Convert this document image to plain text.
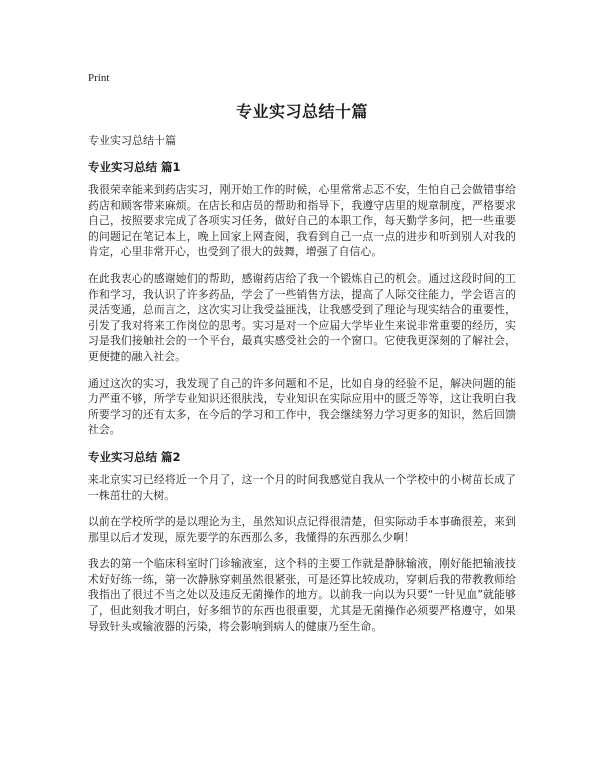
Print
专业实习总结十篇

专业实习总结十篇

专业实习总结 篇1

我很荣幸能来到药店实习，刚开始工作的时候，心里常常忐忑不安，生怕自己会做错事给药店和顾客带来麻烦。在店长和店员的帮助和指导下，我遵守店里的规章制度，严格要求自己，按照要求完成了各项实习任务，做好自己的本职工作，每天勤学多问，把一些重要的问题记在笔记本上，晚上回家上网查阅，我看到自己一点一点的进步和听到别人对我的肯定，心里非常开心，也受到了很大的鼓舞，增强了自信心。

在此我衷心的感谢她们的帮助，感谢药店给了我一个锻炼自己的机会。通过这段时间的工作和学习，我认识了许多药品，学会了一些销售方法，提高了人际交往能力，学会语言的灵活变通，总而言之，这次实习让我受益匪浅，让我感受到了理论与现实结合的重要性，引发了我对将来工作岗位的思考。实习是对一个应届大学毕业生来说非常重要的经历，实习是我们接触社会的一个平台，最真实感受社会的一个窗口。它使我更深刻的了解社会，更便捷的融入社会。

通过这次的实习，我发现了自己的许多问题和不足，比如自身的经验不足，解决问题的能力严重不够，所学专业知识还很肤浅，专业知识在实际应用中的匮乏等等，这让我明白我所要学习的还有太多，在今后的学习和工作中，我会继续努力学习更多的知识，然后回馈社会。

专业实习总结 篇2

来北京实习已经将近一个月了，这一个月的时间我感觉自我从一个学校中的小树苗长成了一株茁壮的大树。

以前在学校所学的是以理论为主，虽然知识点记得很清楚，但实际动手本事确很差，来到那里以后才发现，原先要学的东西那么多，我懂得的东西那么少啊！

我去的第一个临床科室时门诊输液室，这个科的主要工作就是静脉输液，刚好能把输液技术好好练一练，第一次静脉穿刺虽然很紧张，可是还算比较成功，穿刺后我的带教教师给我指出了很过不当之处以及违反无菌操作的地方。以前我一向以为只要“一针见血”就能够了，但此刻我才明白，好多细节的东西也很重要，尤其是无菌操作必须要严格遵守，如果导致针头或输液器的污染，将会影响到病人的健康乃至生命。
